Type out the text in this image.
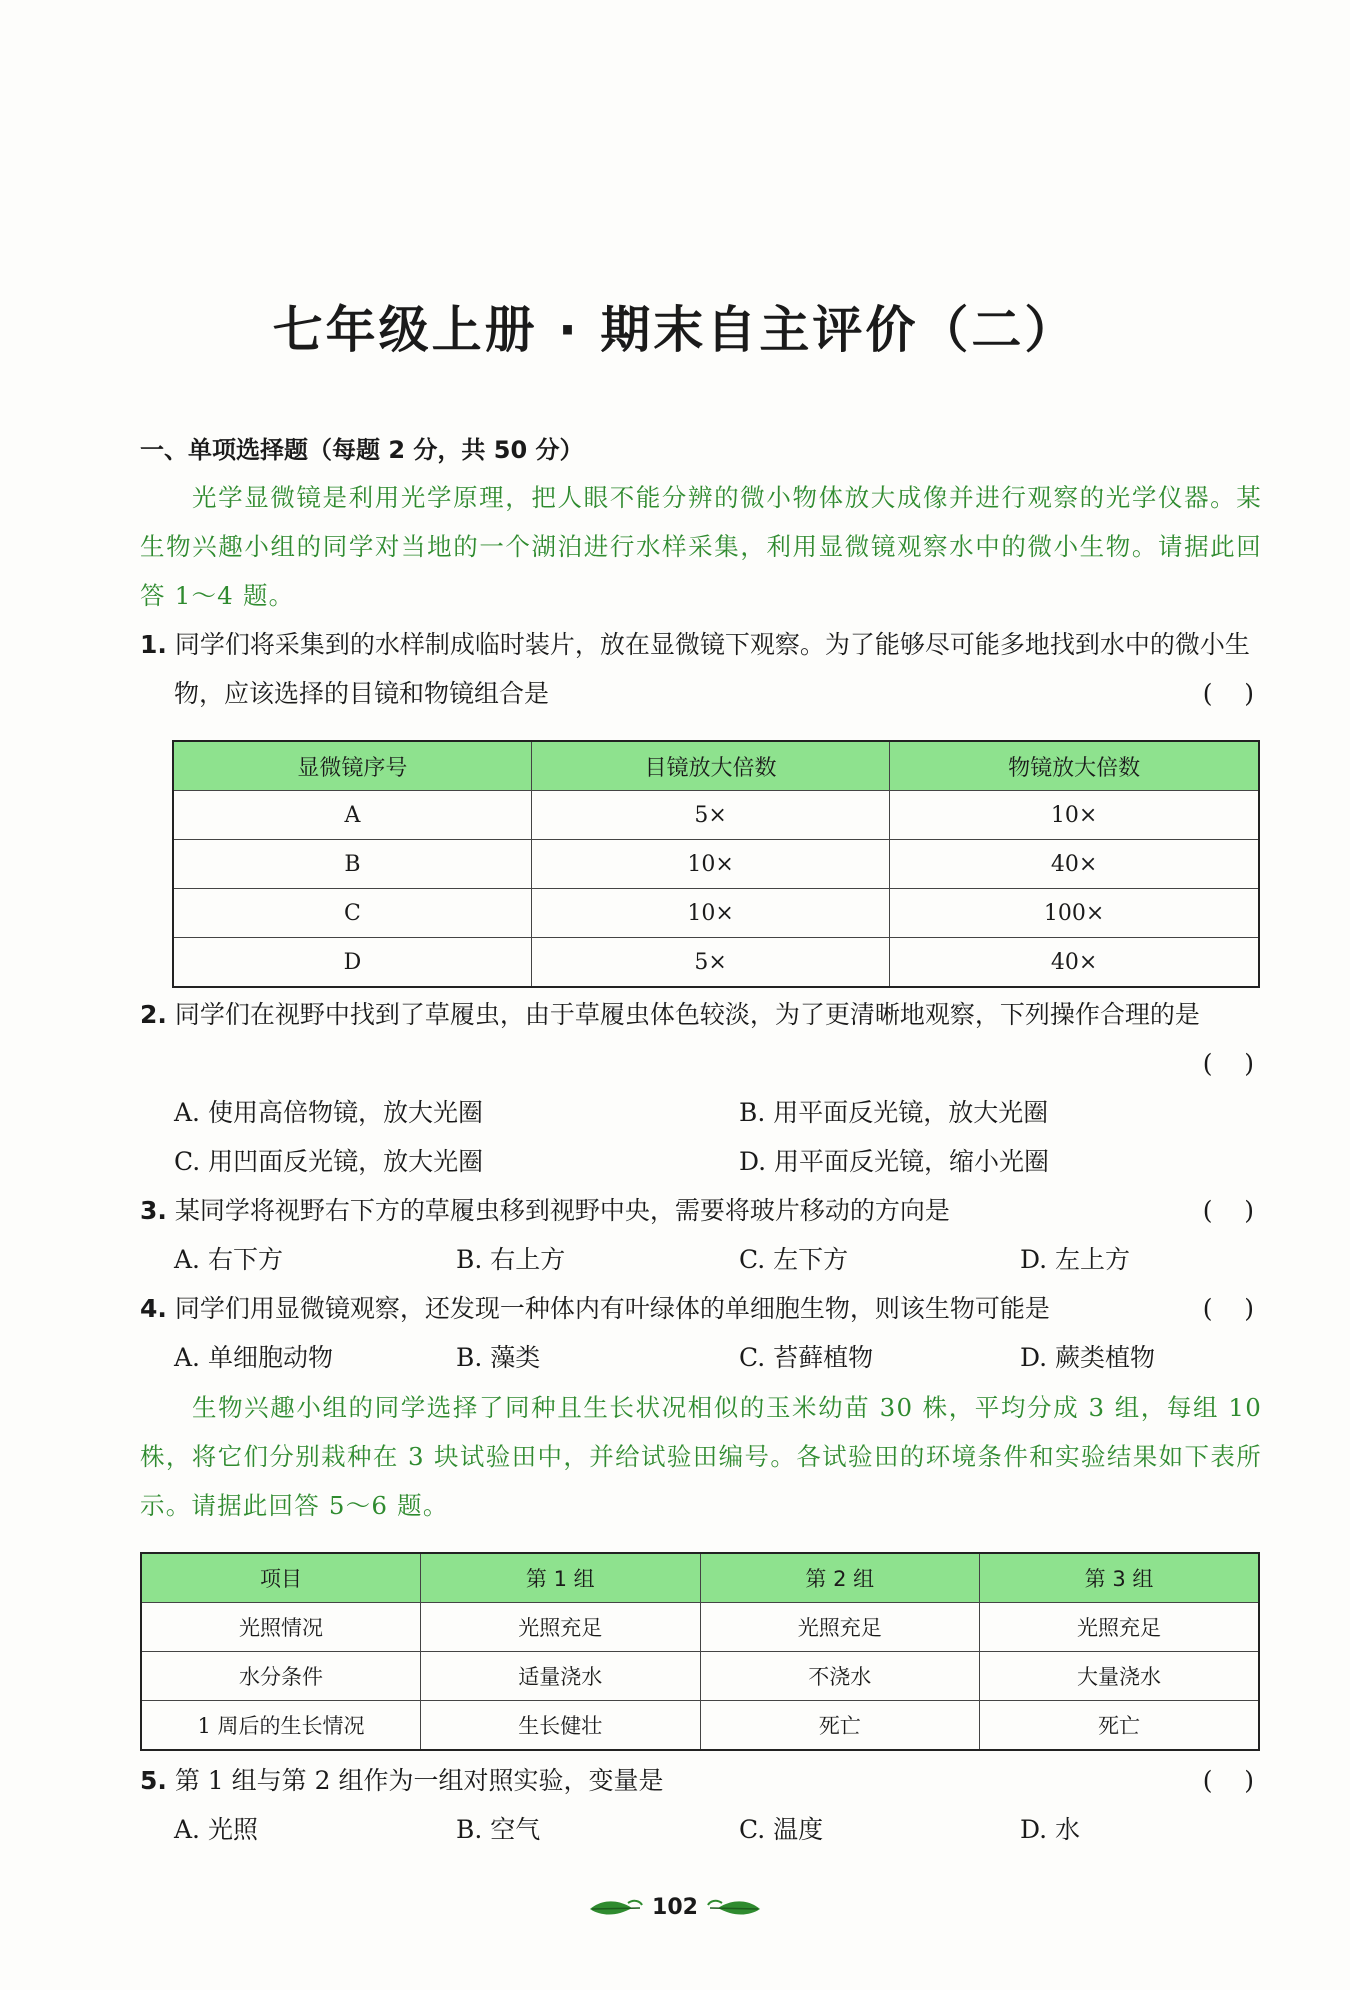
七年级上册 · 期末自主评价（二）
一、单项选择题（每题 2 分，共 50 分）

光学显微镜是利用光学原理，把人眼不能分辨的微小物体放大成像并进行观察的光学仪器。某生物兴趣小组的同学对当地的一个湖泊进行水样采集，利用显微镜观察水中的微小生物。请据此回答 1～4 题。

1. 同学们将采集到的水样制成临时装片，放在显微镜下观察。为了能够尽可能多地找到水中的微小生物，应该选择的目镜和物镜组合是	(    )
显微镜序号	目镜放大倍数	物镜放大倍数
A	5×	10×
B	10×	40×
C	10×	100×
D	5×	40×
2. 同学们在视野中找到了草履虫，由于草履虫体色较淡，为了更清晰地观察，下列操作合理的是
(    )
A. 使用高倍物镜，放大光圈	B. 用平面反光镜，放大光圈
C. 用凹面反光镜，放大光圈	D. 用平面反光镜，缩小光圈
3. 某同学将视野右下方的草履虫移到视野中央，需要将玻片移动的方向是	(    )
A. 右下方	B. 右上方	C. 左下方	D. 左上方
4. 同学们用显微镜观察，还发现一种体内有叶绿体的单细胞生物，则该生物可能是	(    )
A. 单细胞动物	B. 藻类	C. 苔藓植物	D. 蕨类植物

生物兴趣小组的同学选择了同种且生长状况相似的玉米幼苗 30 株，平均分成 3 组，每组 10 株，将它们分别栽种在 3 块试验田中，并给试验田编号。各试验田的环境条件和实验结果如下表所示。请据此回答 5～6 题。

项目	第 1 组	第 2 组	第 3 组
光照情况	光照充足	光照充足	光照充足
水分条件	适量浇水	不浇水	大量浇水
1 周后的生长情况	生长健壮	死亡	死亡
5. 第 1 组与第 2 组作为一组对照实验，变量是	(    )
A. 光照	B. 空气	C. 温度	D. 水
102
